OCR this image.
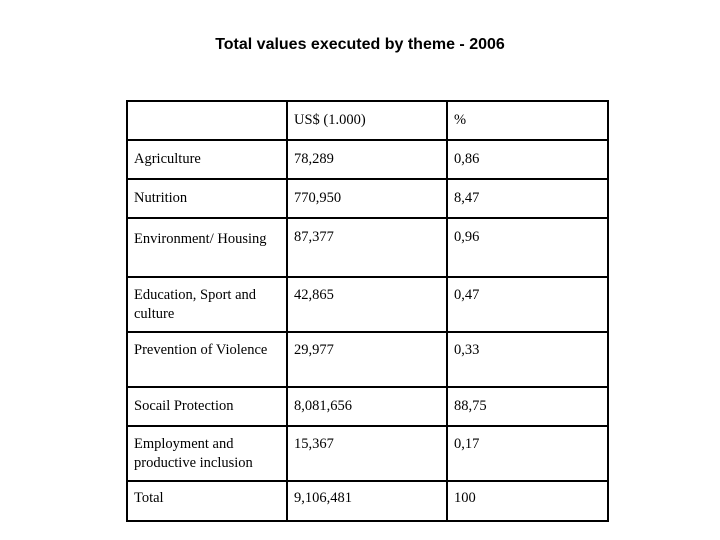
Total values executed by theme - 2006
	US$ (1.000)	%
Agriculture	78,289	0,86
Nutrition	770,950	8,47
Environment/ Housing	87,377	0,96
Education, Sport and culture	42,865	0,47
Prevention of Violence	29,977	0,33
Socail Protection	8,081,656	88,75
Employment and productive inclusion	15,367	0,17
Total	9,106,481	100
